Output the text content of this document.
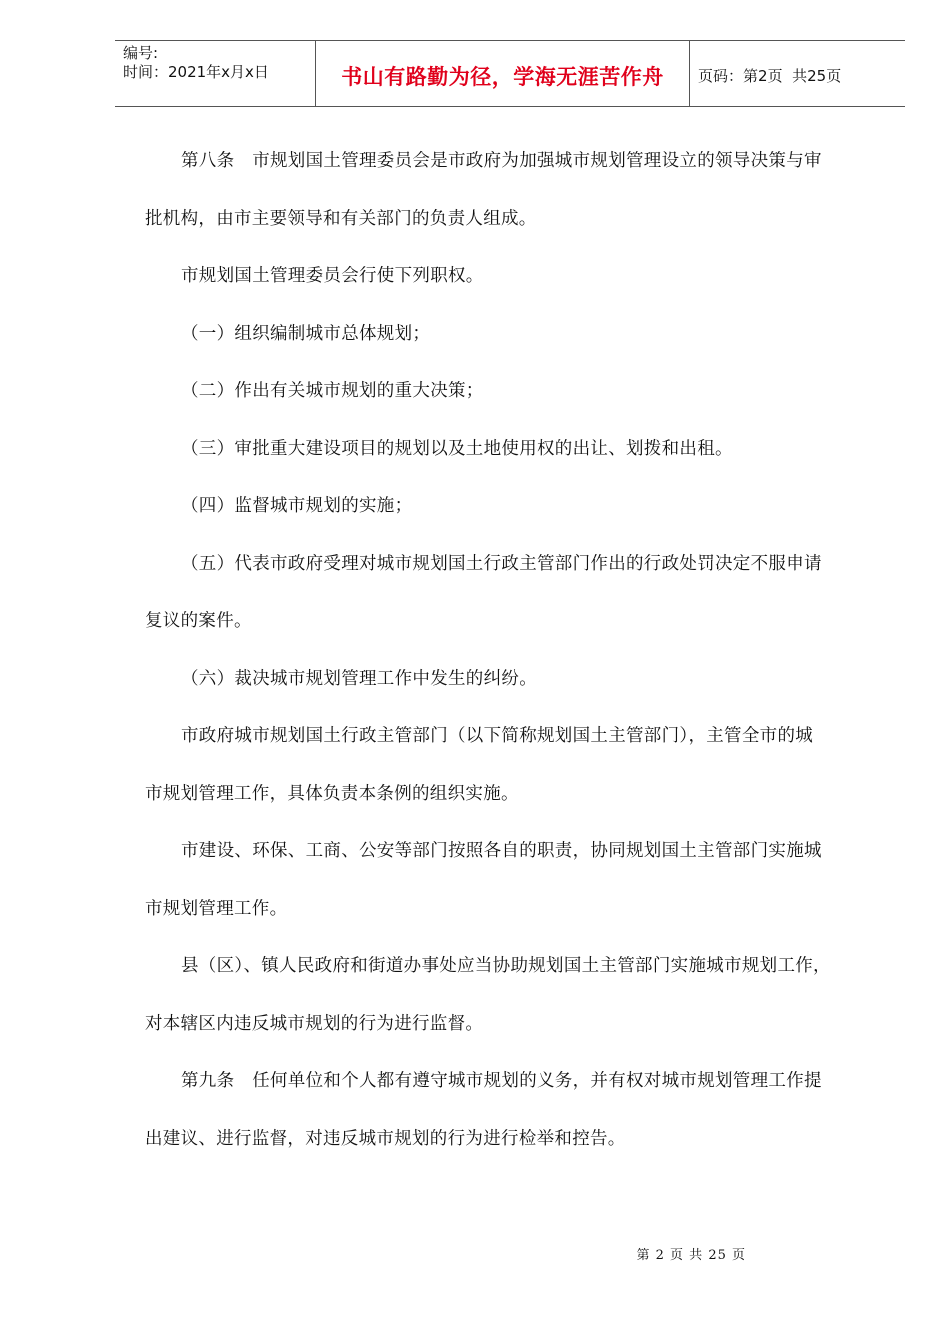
编号:
时间：2021年x月x日	书山有路勤为径，学海无涯苦作舟	页码：第 2 页  共 25 页

第八条　市规划国土管理委员会是市政府为加强城市规划管理设立的领导决策与审

批机构，由市主要领导和有关部门的负责人组成。

市规划国土管理委员会行使下列职权。

（一）组织编制城市总体规划；

（二）作出有关城市规划的重大决策；

（三）审批重大建设项目的规划以及土地使用权的出让、划拨和出租。

（四）监督城市规划的实施；

（五）代表市政府受理对城市规划国土行政主管部门作出的行政处罚决定不服申请

复议的案件。

（六）裁决城市规划管理工作中发生的纠纷。

市政府城市规划国土行政主管部门（以下简称规划国土主管部门），主管全市的城

市规划管理工作，具体负责本条例的组织实施。

市建设、环保、工商、公安等部门按照各自的职责，协同规划国土主管部门实施城

市规划管理工作。

县（区）、镇人民政府和街道办事处应当协助规划国土主管部门实施城市规划工作，

对本辖区内违反城市规划的行为进行监督。

第九条　任何单位和个人都有遵守城市规划的义务，并有权对城市规划管理工作提

出建议、进行监督，对违反城市规划的行为进行检举和控告。

第 2 页 共 25 页
